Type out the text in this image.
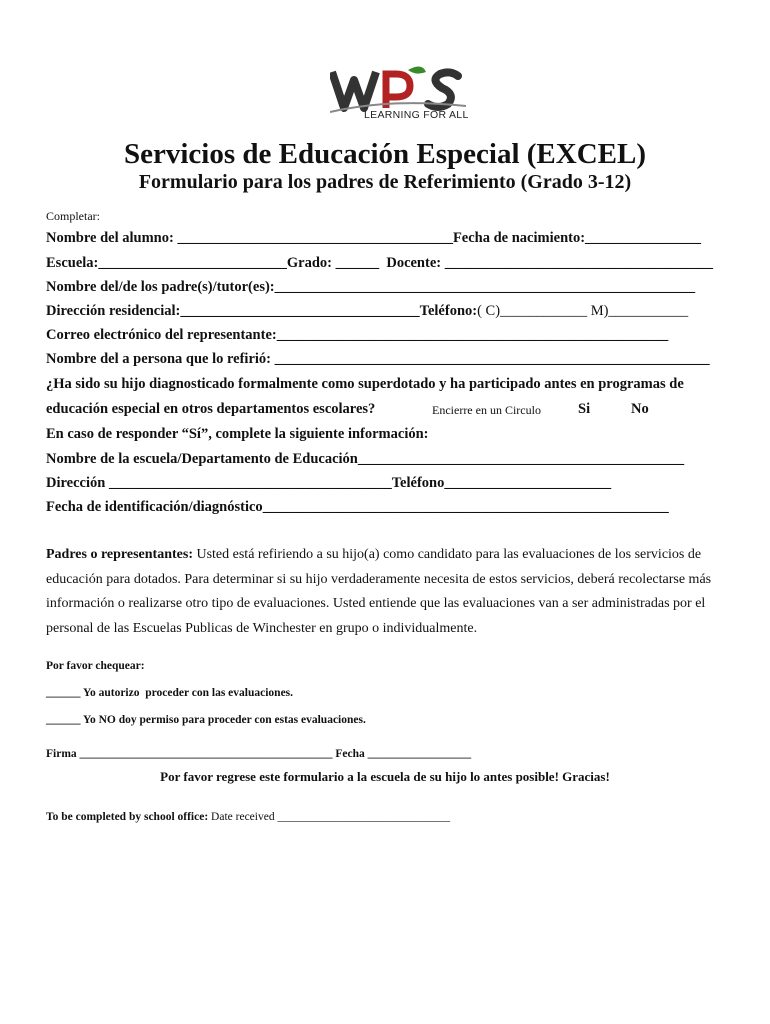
LEARNING FOR ALL
Servicios de Educación Especial (EXCEL)
Formulario para los padres de Referimiento (Grado 3-12)
Completar:
Nombre del alumno: ______________________________________Fecha de nacimiento:________________
Escuela:__________________________Grado: ______  Docente: _____________________________________
Nombre del/de los padre(s)/tutor(es):__________________________________________________________
Dirección residencial:_________________________________Teléfono:( C)____________ M)___________
Correo electrónico del representante:______________________________________________________
Nombre del a persona que lo refirió: ____________________________________________________________
¿Ha sido su hijo diagnosticado formalmente como superdotado y ha participado antes en programas de
educación especial en otros departamentos escolares?	Encierre en un Circulo	Si	No
En caso de responder “Sí”, complete la siguiente información:
Nombre de la escuela/Departamento de Educación_____________________________________________
Dirección _______________________________________Teléfono_______________________
Fecha de identificación/diagnóstico________________________________________________________
Padres o representantes: Usted está refiriendo a su hijo(a) como candidato para las evaluaciones de los servicios de educación para dotados. Para determinar si su hijo verdaderamente necesita de estos servicios, deberá recolectarse más información o realizarse otro tipo de evaluaciones. Usted entiende que las evaluaciones van a ser administradas por el personal de las Escuelas Publicas de Winchester en grupo o individualmente.
Por favor chequear:
______ Yo autorizo  proceder con las evaluaciones.
______ Yo NO doy permiso para proceder con estas evaluaciones.
Firma ____________________________________________ Fecha __________________
Por favor regrese este formulario a la escuela de su hijo lo antes posible! Gracias!
To be completed by school office: Date received ______________________________
